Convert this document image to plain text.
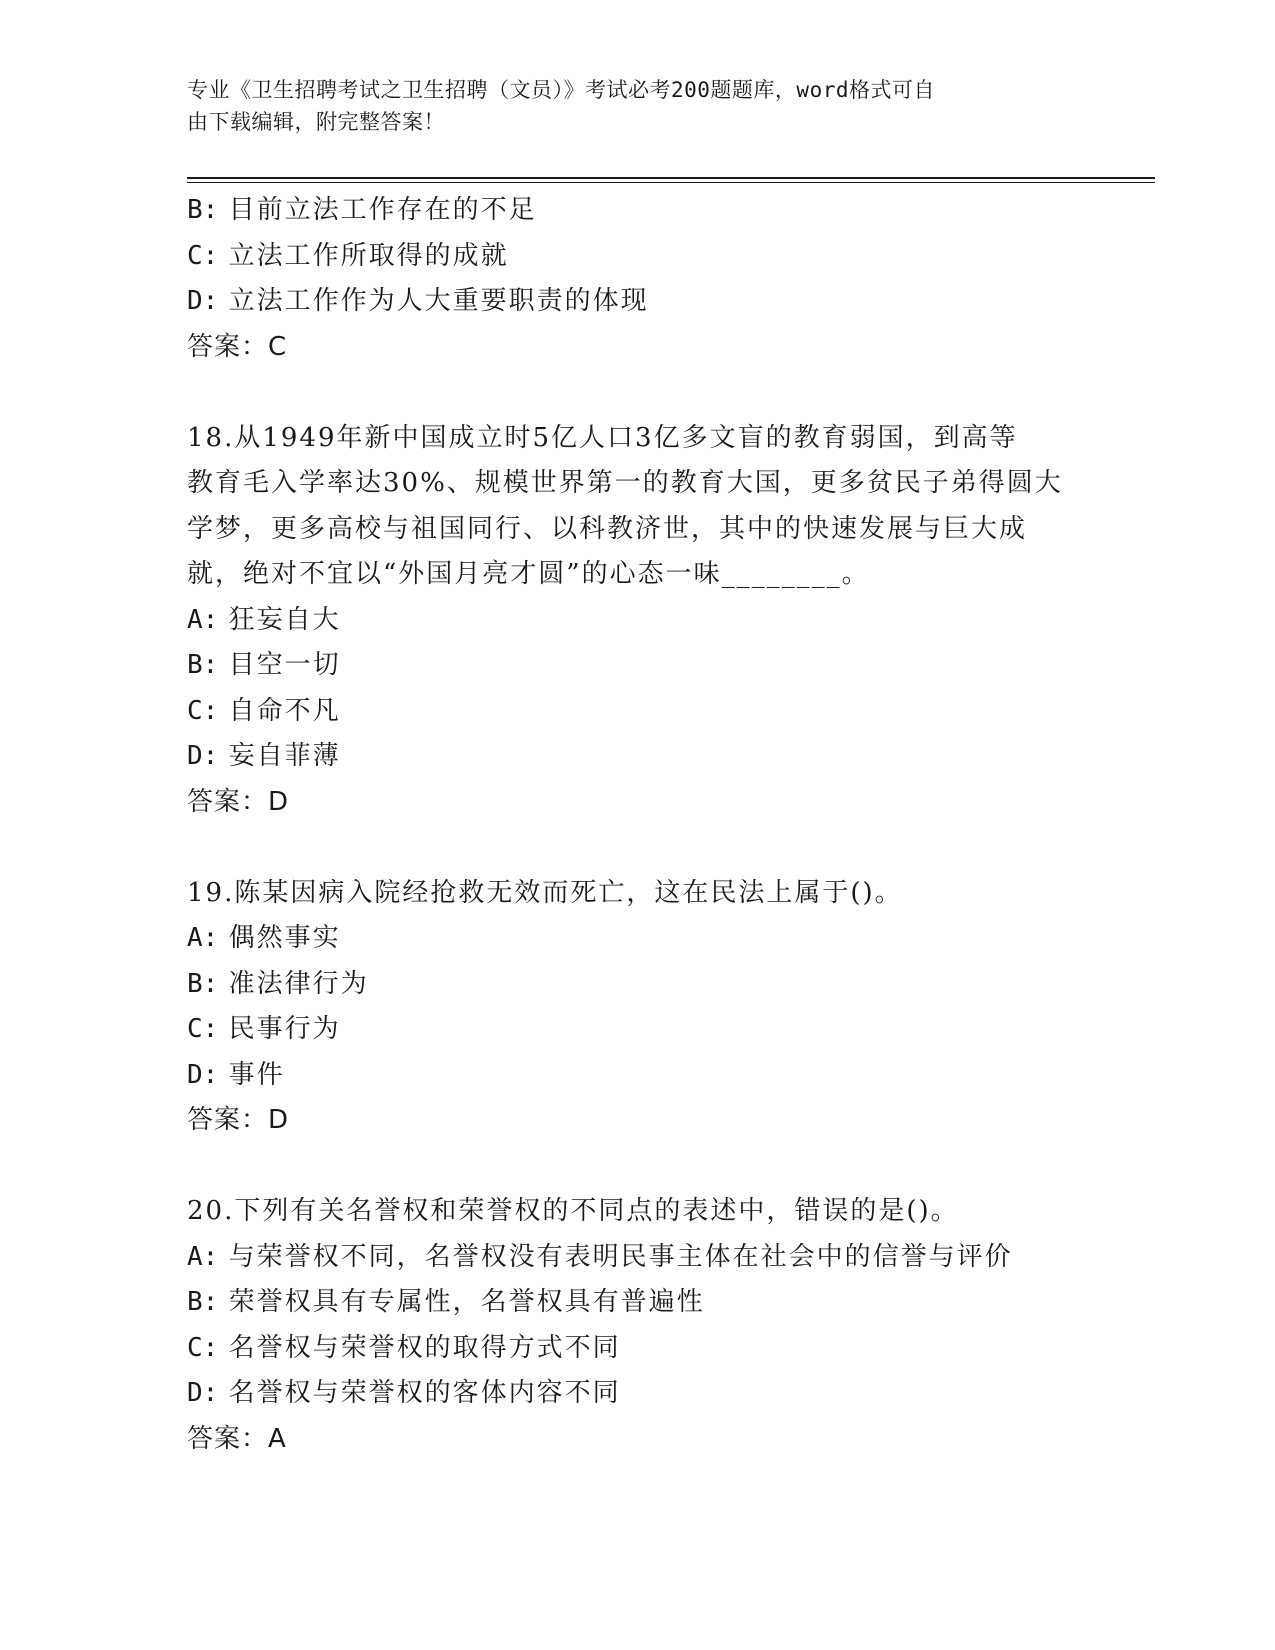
专业《卫生招聘考试之卫生招聘（文员）》考试必考200题题库，word格式可自
由下载编辑，附完整答案！
B: 目前立法工作存在的不足
C: 立法工作所取得的成就
D: 立法工作作为人大重要职责的体现
答案：C
18.从1949年新中国成立时5亿人口3亿多文盲的教育弱国，到高等
教育毛入学率达30%、规模世界第一的教育大国，更多贫民子弟得圆大
学梦，更多高校与祖国同行、以科教济世，其中的快速发展与巨大成
就，绝对不宜以“外国月亮才圆”的心态一味________。
A: 狂妄自大
B: 目空一切
C: 自命不凡
D: 妄自菲薄
答案：D
19.陈某因病入院经抢救无效而死亡，这在民法上属于()。
A: 偶然事实
B: 准法律行为
C: 民事行为
D: 事件
答案：D
20.下列有关名誉权和荣誉权的不同点的表述中，错误的是()。
A: 与荣誉权不同，名誉权没有表明民事主体在社会中的信誉与评价
B: 荣誉权具有专属性，名誉权具有普遍性
C: 名誉权与荣誉权的取得方式不同
D: 名誉权与荣誉权的客体内容不同
答案：A
